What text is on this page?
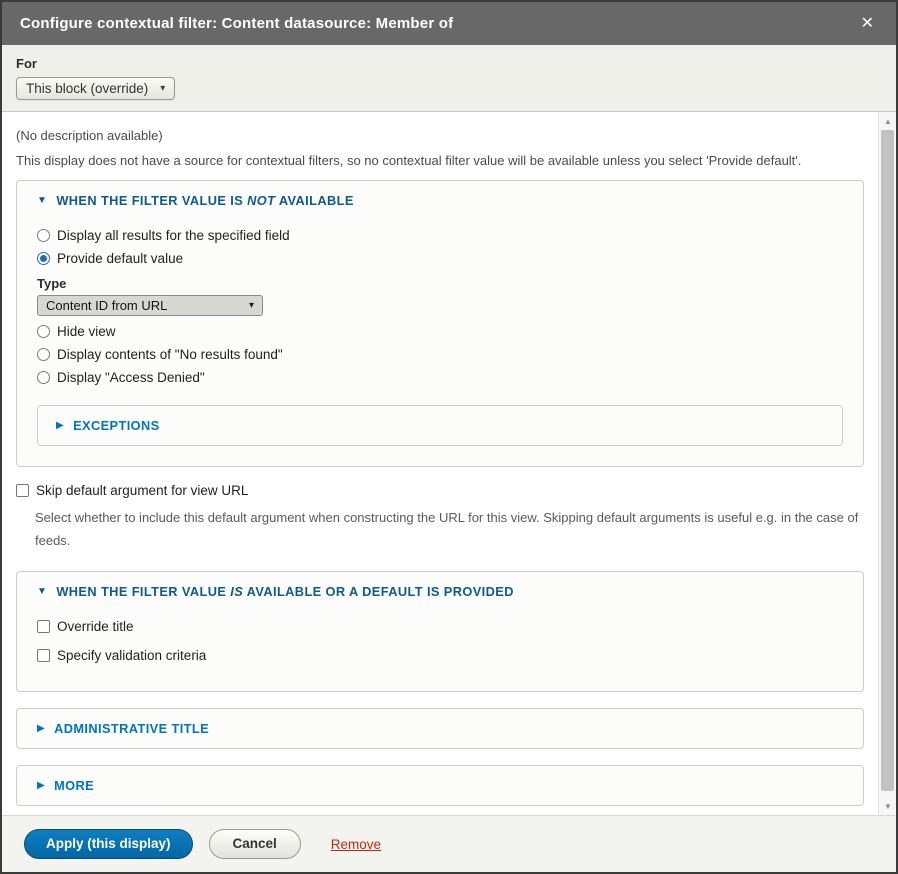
Configure contextual filter: Content datasource: Member of	✕
For
This block (override) ▾

(No description available)

This display does not have a source for contextual filters, so no contextual filter value will be available unless you select 'Provide default'.

▼ WHEN THE FILTER VALUE IS NOT AVAILABLE
Display all results for the specified field
Provide default value
Type
Content ID from URL	▾
Hide view
Display contents of "No results found"
Display "Access Denied"
▶ EXCEPTIONS
Skip default argument for view URL
Select whether to include this default argument when constructing the URL for this view. Skipping default arguments is useful e.g. in the case of feeds.
▼ WHEN THE FILTER VALUE IS AVAILABLE OR A DEFAULT IS PROVIDED
Override title
Specify validation criteria
▶ ADMINISTRATIVE TITLE
▶ MORE
▲
▼
Apply (this display)	Cancel	Remove
